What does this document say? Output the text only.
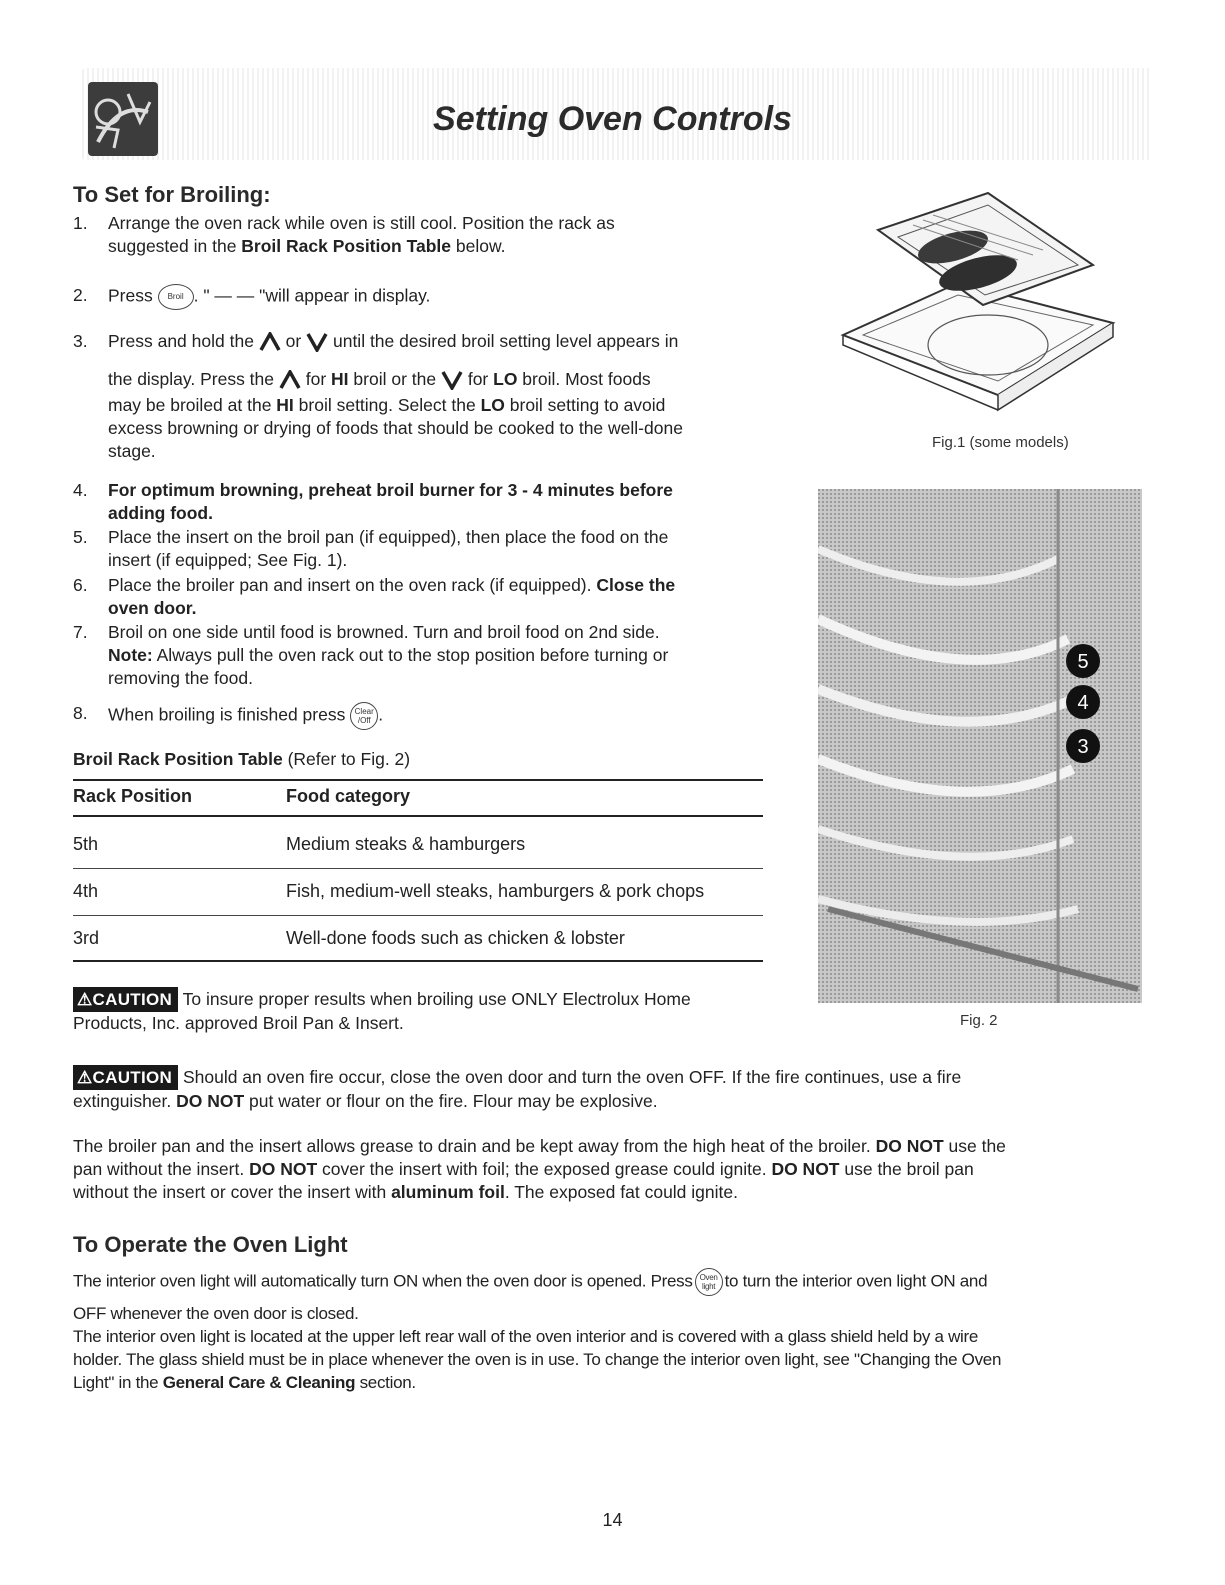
Setting Oven Controls
To Set for Broiling:
1.	Arrange the oven rack while oven is still cool. Position the rack as
suggested in the Broil Rack Position Table below.
2.	Press Broil . " — — "will appear in display.
3.	Press and hold the  or  until the desired broil setting level appears in
the display. Press the  for HI broil or the  for LO broil. Most foods
may be broiled at the HI broil setting. Select the LO broil setting to avoid
excess browning or drying of foods that should be cooked to the well-done
stage.
4.	For optimum browning, preheat broil burner for 3 - 4 minutes before
adding food.
5.	Place the insert on the broil pan (if equipped), then place the food on the
insert (if equipped; See Fig. 1).
6.	Place the broiler pan and insert on the oven rack (if equipped). Close the
oven door.
7.	Broil on one side until food is browned. Turn and broil food on 2nd side.
Note: Always pull the oven rack out to the stop position before turning or
removing the food.
8.	When broiling is finished press Clear
/Off .
Broil Rack Position Table (Refer to Fig. 2)
Rack Position	Food category
5th	Medium steaks & hamburgers
4th	Fish, medium-well steaks, hamburgers & pork chops
3rd	Well-done foods such as chicken & lobster
⚠CAUTION To insure proper results when broiling use ONLY Electrolux Home
Products, Inc. approved Broil Pan & Insert.
⚠CAUTION Should an oven fire occur, close the oven door and turn the oven OFF. If the fire continues, use a fire
extinguisher. DO NOT put water or flour on the fire. Flour may be explosive.
The broiler pan and the insert allows grease to drain and be kept away from the high heat of the broiler. DO NOT use the
pan without the insert. DO NOT cover the insert with foil; the exposed grease could ignite. DO NOT use the broil pan
without the insert or cover the insert with aluminum foil. The exposed fat could ignite.
To Operate the Oven Light
The interior oven light will automatically turn ON when the oven door is opened. Press Oven
light to turn the interior oven light ON and
OFF whenever the oven door is closed.
The interior oven light is located at the upper left rear wall of the oven interior and is covered with a glass shield held by a wire
holder. The glass shield must be in place whenever the oven is in use. To change the interior oven light, see "Changing the Oven
Light" in the General Care & Cleaning section.
Fig.1 (some models)
5
4
3
Fig. 2
14
